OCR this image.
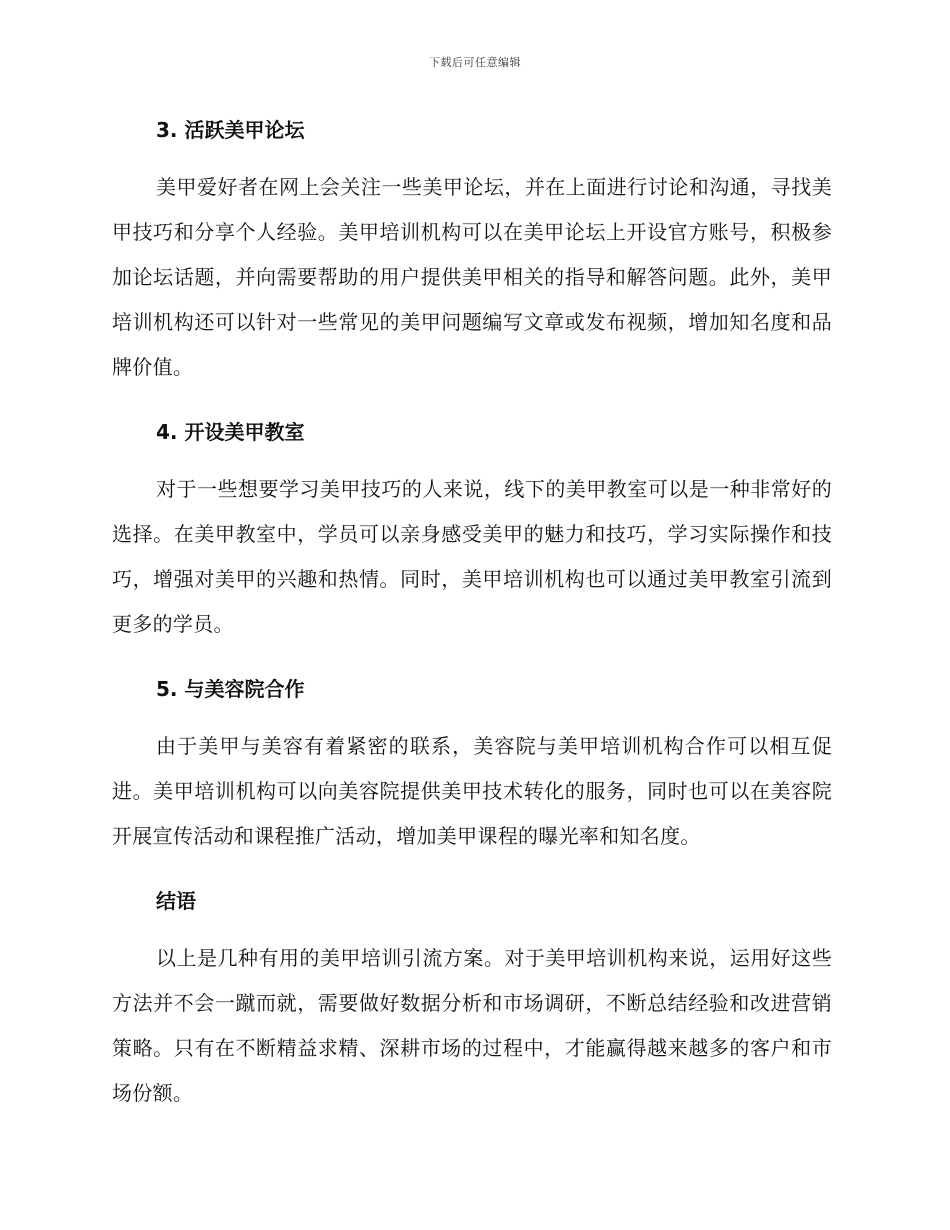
下载后可任意编辑
3. 活跃美甲论坛

美甲爱好者在网上会关注一些美甲论坛，并在上面进行讨论和沟通，寻找美甲技巧和分享个人经验。美甲培训机构可以在美甲论坛上开设官方账号，积极参加论坛话题，并向需要帮助的用户提供美甲相关的指导和解答问题。此外，美甲培训机构还可以针对一些常见的美甲问题编写文章或发布视频，增加知名度和品牌价值。

4. 开设美甲教室

对于一些想要学习美甲技巧的人来说，线下的美甲教室可以是一种非常好的选择。在美甲教室中，学员可以亲身感受美甲的魅力和技巧，学习实际操作和技巧，增强对美甲的兴趣和热情。同时，美甲培训机构也可以通过美甲教室引流到更多的学员。

5. 与美容院合作

由于美甲与美容有着紧密的联系，美容院与美甲培训机构合作可以相互促进。美甲培训机构可以向美容院提供美甲技术转化的服务，同时也可以在美容院开展宣传活动和课程推广活动，增加美甲课程的曝光率和知名度。

结语

以上是几种有用的美甲培训引流方案。对于美甲培训机构来说，运用好这些方法并不会一蹴而就，需要做好数据分析和市场调研，不断总结经验和改进营销策略。只有在不断精益求精、深耕市场的过程中，才能赢得越来越多的客户和市场份额。
